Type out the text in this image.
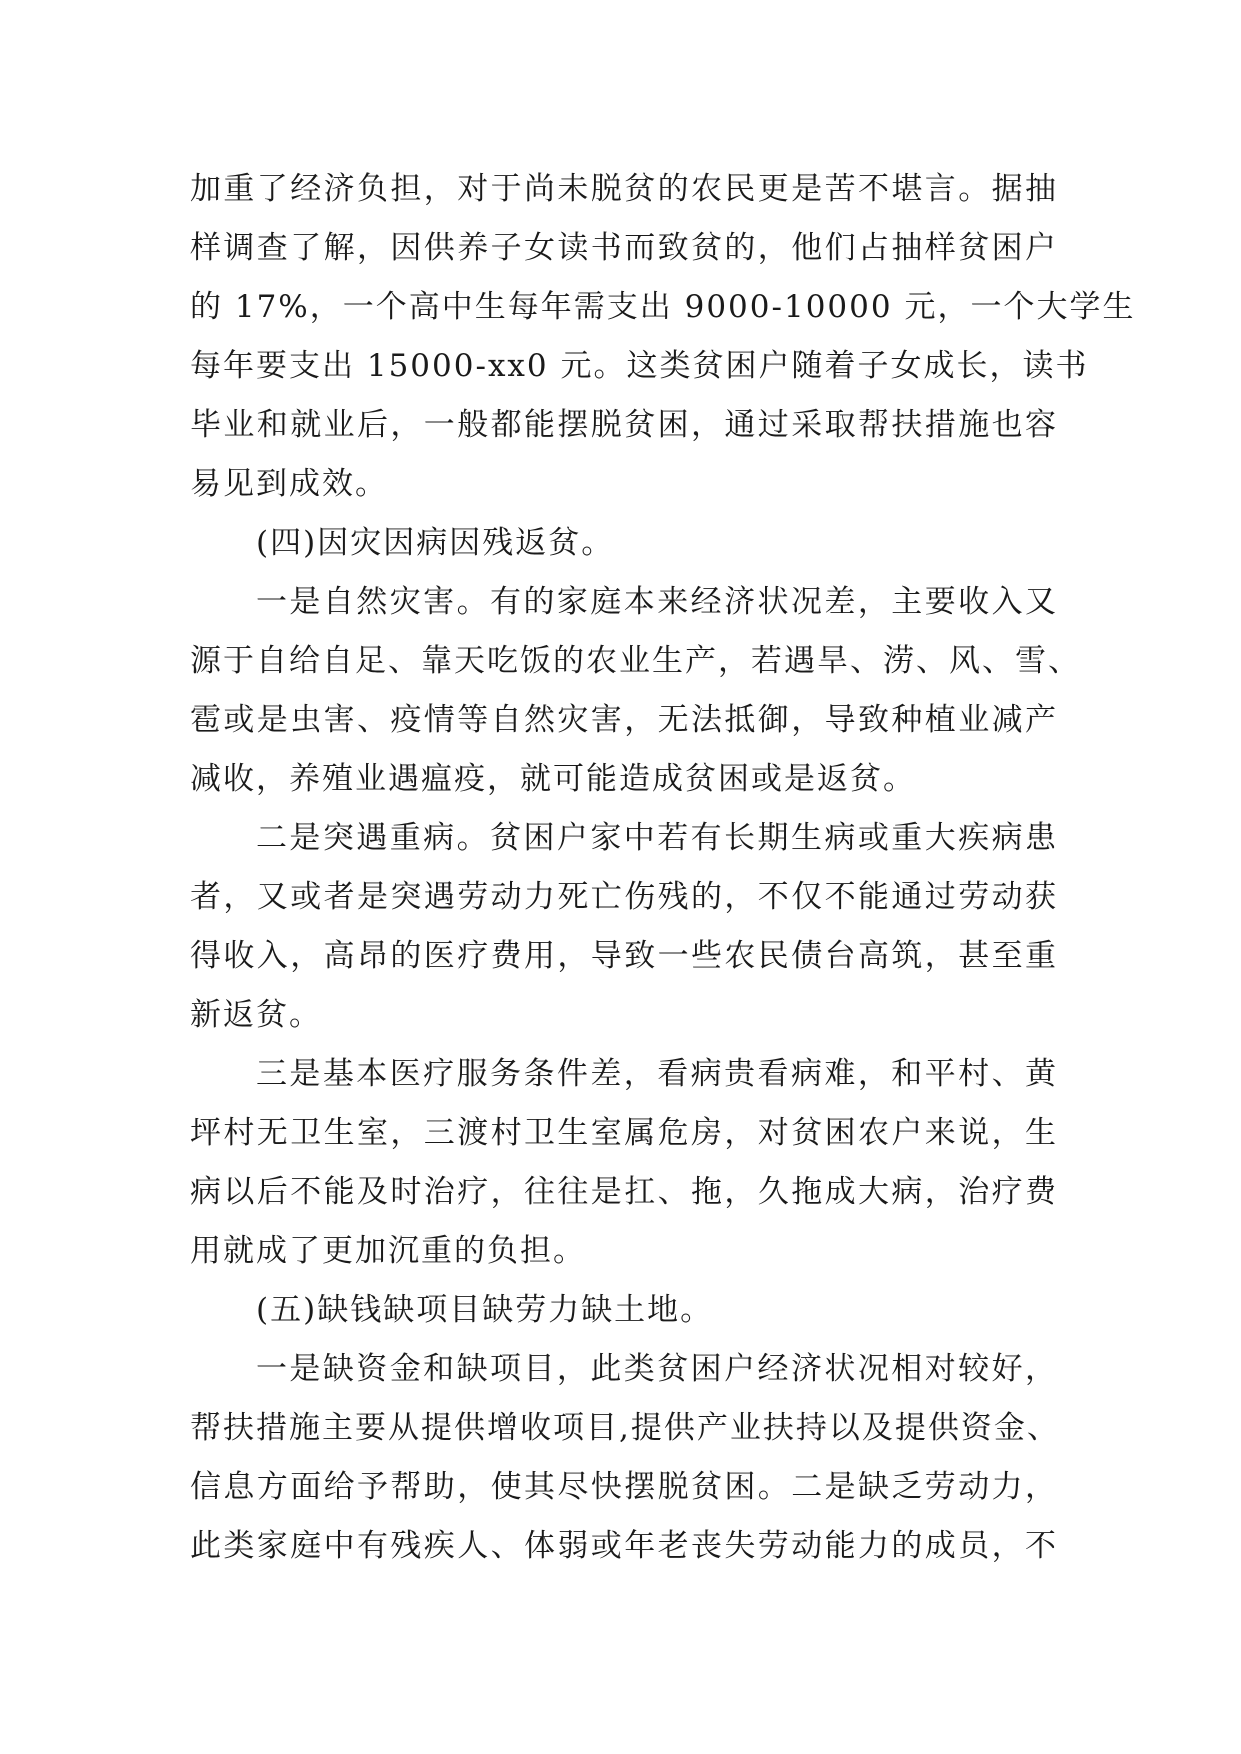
加重了经济负担，对于尚未脱贫的农民更是苦不堪言。据抽
样调查了解，因供养子女读书而致贫的，他们占抽样贫困户
的 17%，一个高中生每年需支出 9000-10000 元，一个大学生
每年要支出 15000-xx0 元。这类贫困户随着子女成长，读书
毕业和就业后，一般都能摆脱贫困，通过采取帮扶措施也容
易见到成效。
(四)因灾因病因残返贫。
一是自然灾害。有的家庭本来经济状况差，主要收入又
源于自给自足、靠天吃饭的农业生产，若遇旱、涝、风、雪、
雹或是虫害、疫情等自然灾害，无法抵御，导致种植业减产
减收，养殖业遇瘟疫，就可能造成贫困或是返贫。
二是突遇重病。贫困户家中若有长期生病或重大疾病患
者，又或者是突遇劳动力死亡伤残的，不仅不能通过劳动获
得收入，高昂的医疗费用，导致一些农民债台高筑，甚至重
新返贫。
三是基本医疗服务条件差，看病贵看病难，和平村、黄
坪村无卫生室，三渡村卫生室属危房，对贫困农户来说，生
病以后不能及时治疗，往往是扛、拖，久拖成大病，治疗费
用就成了更加沉重的负担。
(五)缺钱缺项目缺劳力缺土地。
一是缺资金和缺项目，此类贫困户经济状况相对较好，
帮扶措施主要从提供增收项目,提供产业扶持以及提供资金、
信息方面给予帮助，使其尽快摆脱贫困。二是缺乏劳动力，
此类家庭中有残疾人、体弱或年老丧失劳动能力的成员，不
